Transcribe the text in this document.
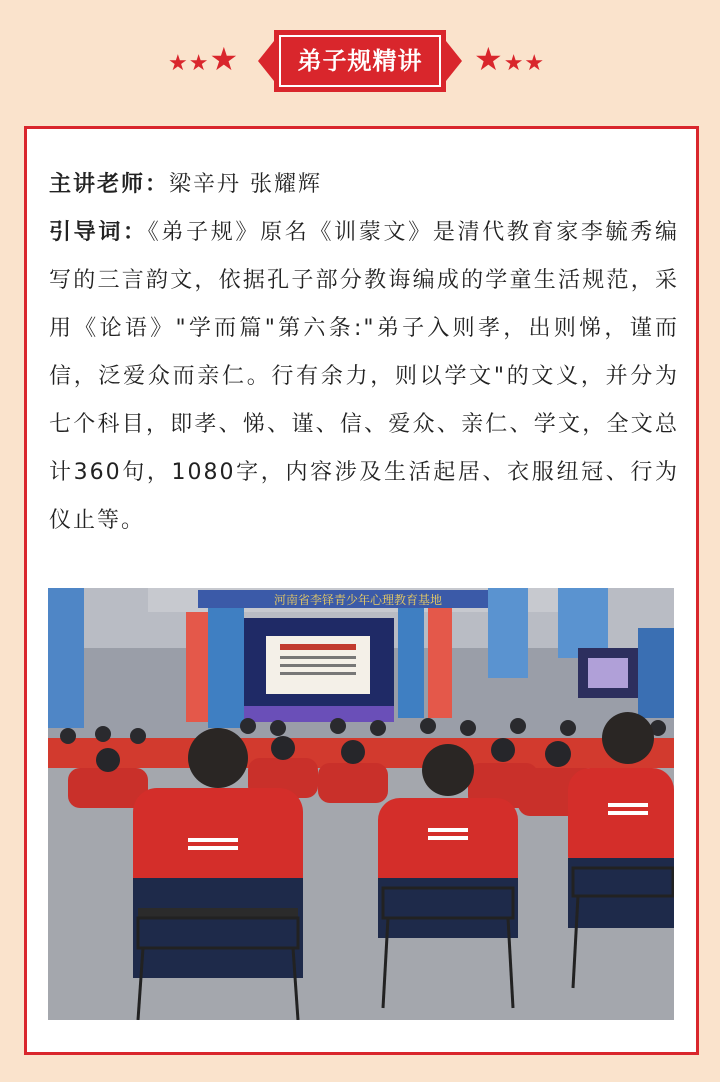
★★★	弟子规精讲	★★★
主讲老师：梁辛丹 张耀辉
引导词：《弟子规》原名《训蒙文》是清代教育家李毓秀编写的三言韵文，依据孔子部分教诲编成的学童生活规范，采用《论语》"学而篇"第六条:"弟子入则孝，出则悌，谨而信，泛爱众而亲仁。行有余力，则以学文"的文义，并分为七个科目，即孝、悌、谨、信、爱众、亲仁、学文，全文总计360句，1080字，内容涉及生活起居、衣服纽冠、行为仪止等。
河南省李铎青少年心理教育基地
